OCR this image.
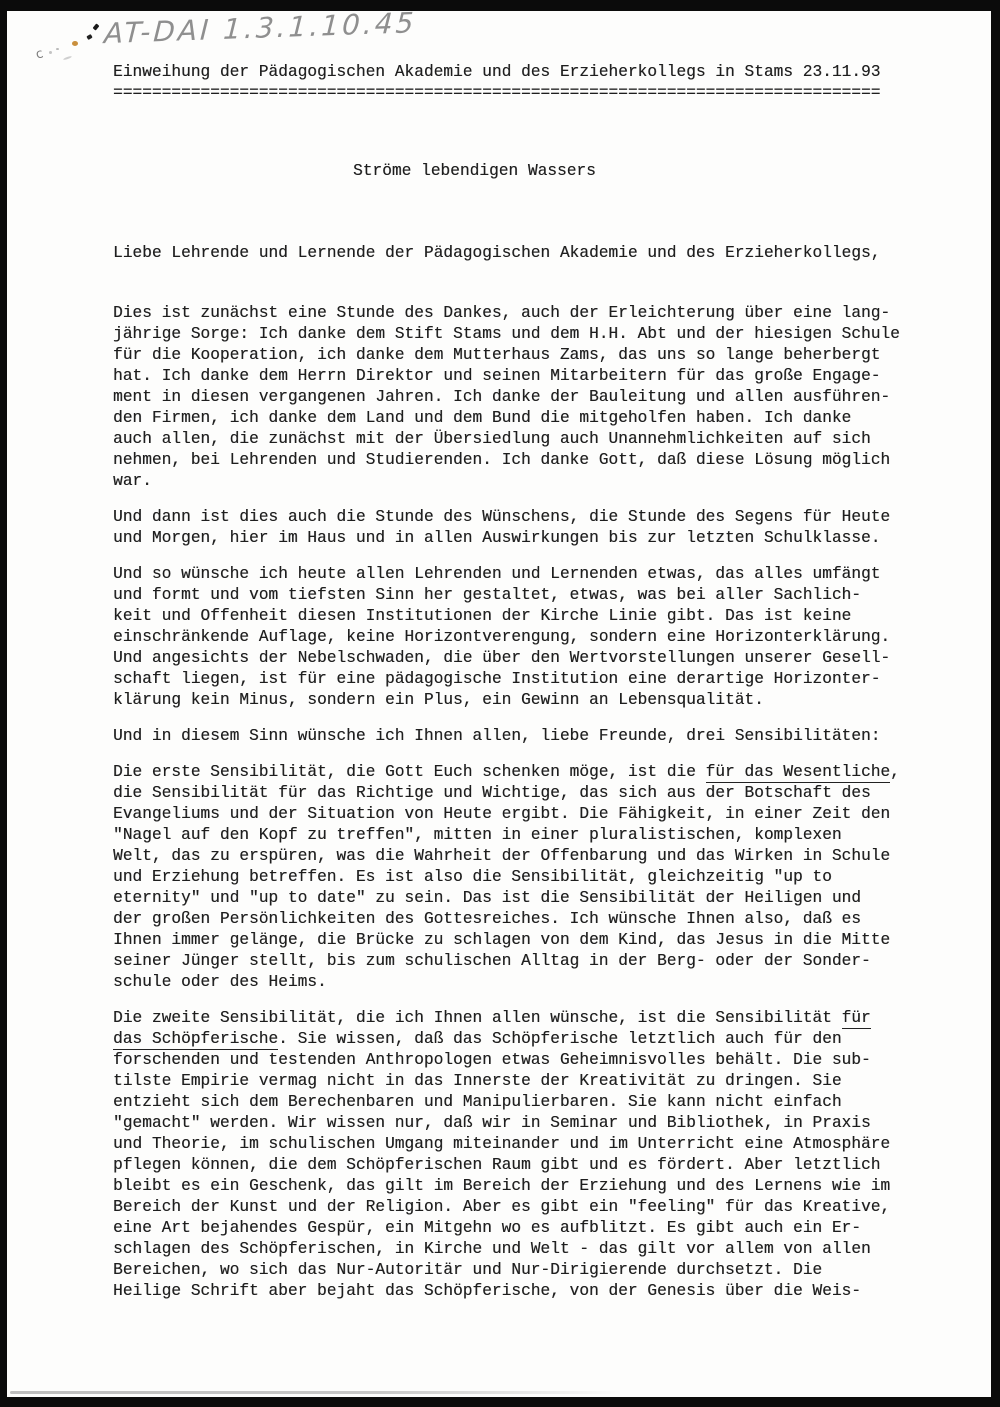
AT-DAI 1.3.1.10.45
c
Einweihung der Pädagogischen Akademie und des Erzieherkollegs in Stams 23.11.93
===============================================================================
Ströme lebendigen Wassers
Liebe Lehrende und Lernende der Pädagogischen Akademie und des Erzieherkollegs,
Dies ist zunächst eine Stunde des Dankes, auch der Erleichterung über eine lang-
jährige Sorge: Ich danke dem Stift Stams und dem H.H. Abt und der hiesigen Schule
für die Kooperation, ich danke dem Mutterhaus Zams, das uns so lange beherbergt
hat. Ich danke dem Herrn Direktor und seinen Mitarbeitern für das große Engage-
ment in diesen vergangenen Jahren. Ich danke der Bauleitung und allen ausführen-
den Firmen, ich danke dem Land und dem Bund die mitgeholfen haben. Ich danke
auch allen, die zunächst mit der Übersiedlung auch Unannehmlichkeiten auf sich
nehmen, bei Lehrenden und Studierenden. Ich danke Gott, daß diese Lösung möglich
war.
Und dann ist dies auch die Stunde des Wünschens, die Stunde des Segens für Heute
und Morgen, hier im Haus und in allen Auswirkungen bis zur letzten Schulklasse.
Und so wünsche ich heute allen Lehrenden und Lernenden etwas, das alles umfängt
und formt und vom tiefsten Sinn her gestaltet, etwas, was bei aller Sachlich-
keit und Offenheit diesen Institutionen der Kirche Linie gibt. Das ist keine
einschränkende Auflage, keine Horizontverengung, sondern eine Horizonterklärung.
Und angesichts der Nebelschwaden, die über den Wertvorstellungen unserer Gesell-
schaft liegen, ist für eine pädagogische Institution eine derartige Horizonter-
klärung kein Minus, sondern ein Plus, ein Gewinn an Lebensqualität.
Und in diesem Sinn wünsche ich Ihnen allen, liebe Freunde, drei Sensibilitäten:
Die erste Sensibilität, die Gott Euch schenken möge, ist die für das Wesentliche,
die Sensibilität für das Richtige und Wichtige, das sich aus der Botschaft des
Evangeliums und der Situation von Heute ergibt. Die Fähigkeit, in einer Zeit den
"Nagel auf den Kopf zu treffen", mitten in einer pluralistischen, komplexen
Welt, das zu erspüren, was die Wahrheit der Offenbarung und das Wirken in Schule
und Erziehung betreffen. Es ist also die Sensibilität, gleichzeitig "up to
eternity" und "up to date" zu sein. Das ist die Sensibilität der Heiligen und
der großen Persönlichkeiten des Gottesreiches. Ich wünsche Ihnen also, daß es
Ihnen immer gelänge, die Brücke zu schlagen von dem Kind, das Jesus in die Mitte
seiner Jünger stellt, bis zum schulischen Alltag in der Berg- oder der Sonder-
schule oder des Heims.
Die zweite Sensibilität, die ich Ihnen allen wünsche, ist die Sensibilität für
das Schöpferische. Sie wissen, daß das Schöpferische letztlich auch für den
forschenden und testenden Anthropologen etwas Geheimnisvolles behält. Die sub-
tilste Empirie vermag nicht in das Innerste der Kreativität zu dringen. Sie
entzieht sich dem Berechenbaren und Manipulierbaren. Sie kann nicht einfach
"gemacht" werden. Wir wissen nur, daß wir in Seminar und Bibliothek, in Praxis
und Theorie, im schulischen Umgang miteinander und im Unterricht eine Atmosphäre
pflegen können, die dem Schöpferischen Raum gibt und es fördert. Aber letztlich
bleibt es ein Geschenk, das gilt im Bereich der Erziehung und des Lernens wie im
Bereich der Kunst und der Religion. Aber es gibt ein "feeling" für das Kreative,
eine Art bejahendes Gespür, ein Mitgehn wo es aufblitzt. Es gibt auch ein Er-
schlagen des Schöpferischen, in Kirche und Welt - das gilt vor allem von allen
Bereichen, wo sich das Nur-Autoritär und Nur-Dirigierende durchsetzt. Die
Heilige Schrift aber bejaht das Schöpferische, von der Genesis über die Weis-
